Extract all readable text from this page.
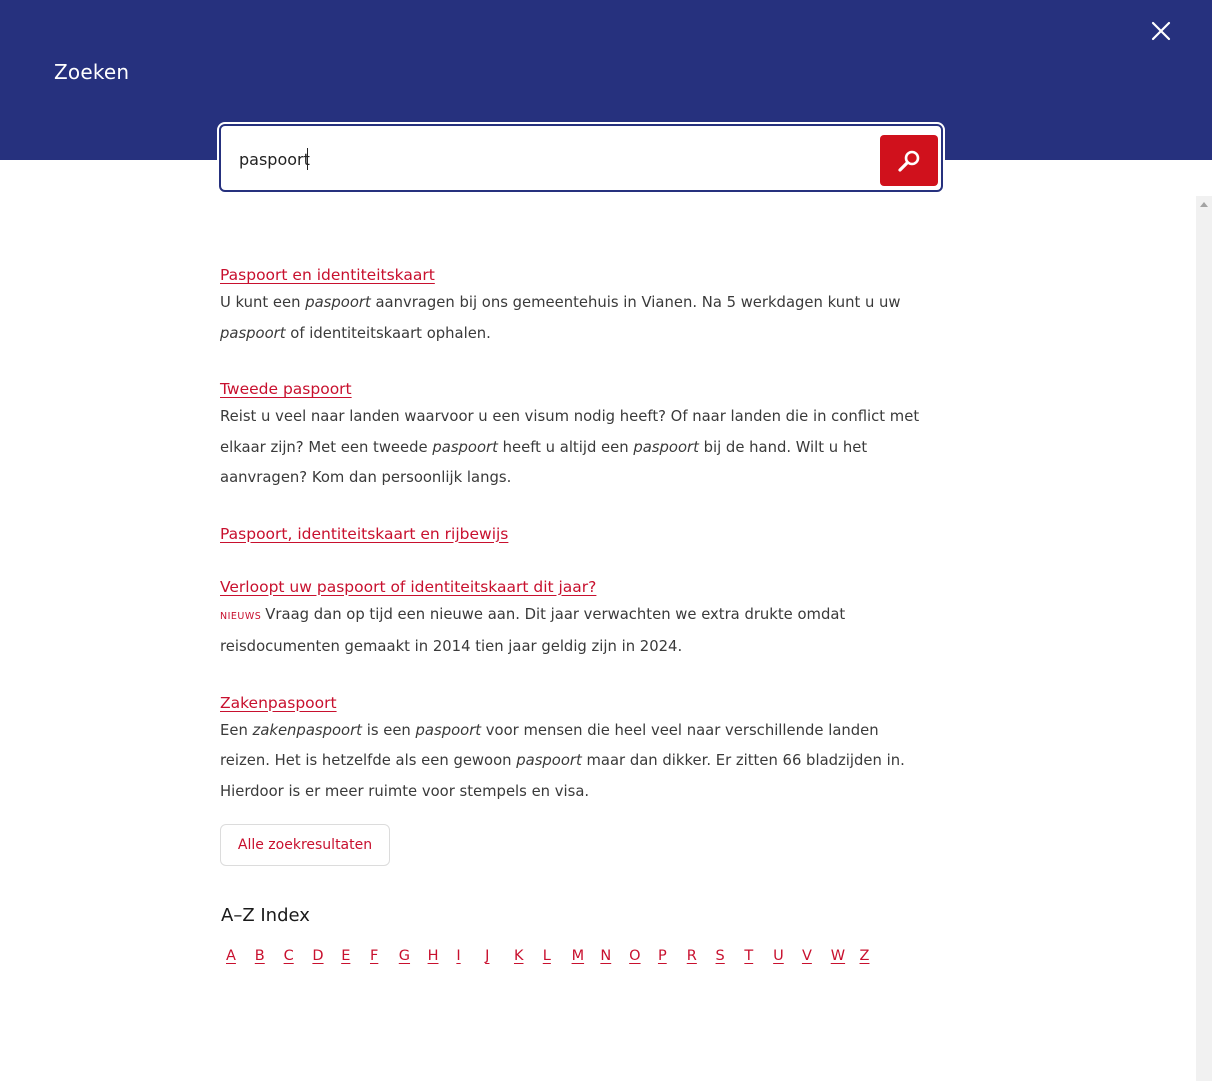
Zoeken
paspoort
Paspoort en identiteitskaart

U kunt een paspoort aanvragen bij ons gemeentehuis in Vianen. Na 5 werkdagen kunt u uw paspoort of identiteitskaart ophalen.

Tweede paspoort

Reist u veel naar landen waarvoor u een visum nodig heeft? Of naar landen die in conflict met elkaar zijn? Met een tweede paspoort heeft u altijd een paspoort bij de hand. Wilt u het aanvragen? Kom dan persoonlijk langs.

Paspoort, identiteitskaart en rijbewijs
Verloopt uw paspoort of identiteitskaart dit jaar?

NIEUWS Vraag dan op tijd een nieuwe aan. Dit jaar verwachten we extra drukte omdat reisdocumenten gemaakt in 2014 tien jaar geldig zijn in 2024.

Zakenpaspoort

Een zakenpaspoort is een paspoort voor mensen die heel veel naar verschillende landen reizen. Het is hetzelfde als een gewoon paspoort maar dan dikker. Er zitten 66 bladzijden in. Hierdoor is er meer ruimte voor stempels en visa.

Alle zoekresultaten
A–Z Index
A	B	C	D	E	F	G	H	I	J	K	L	M	N	O	P	R	S	T	U	V	W Z
